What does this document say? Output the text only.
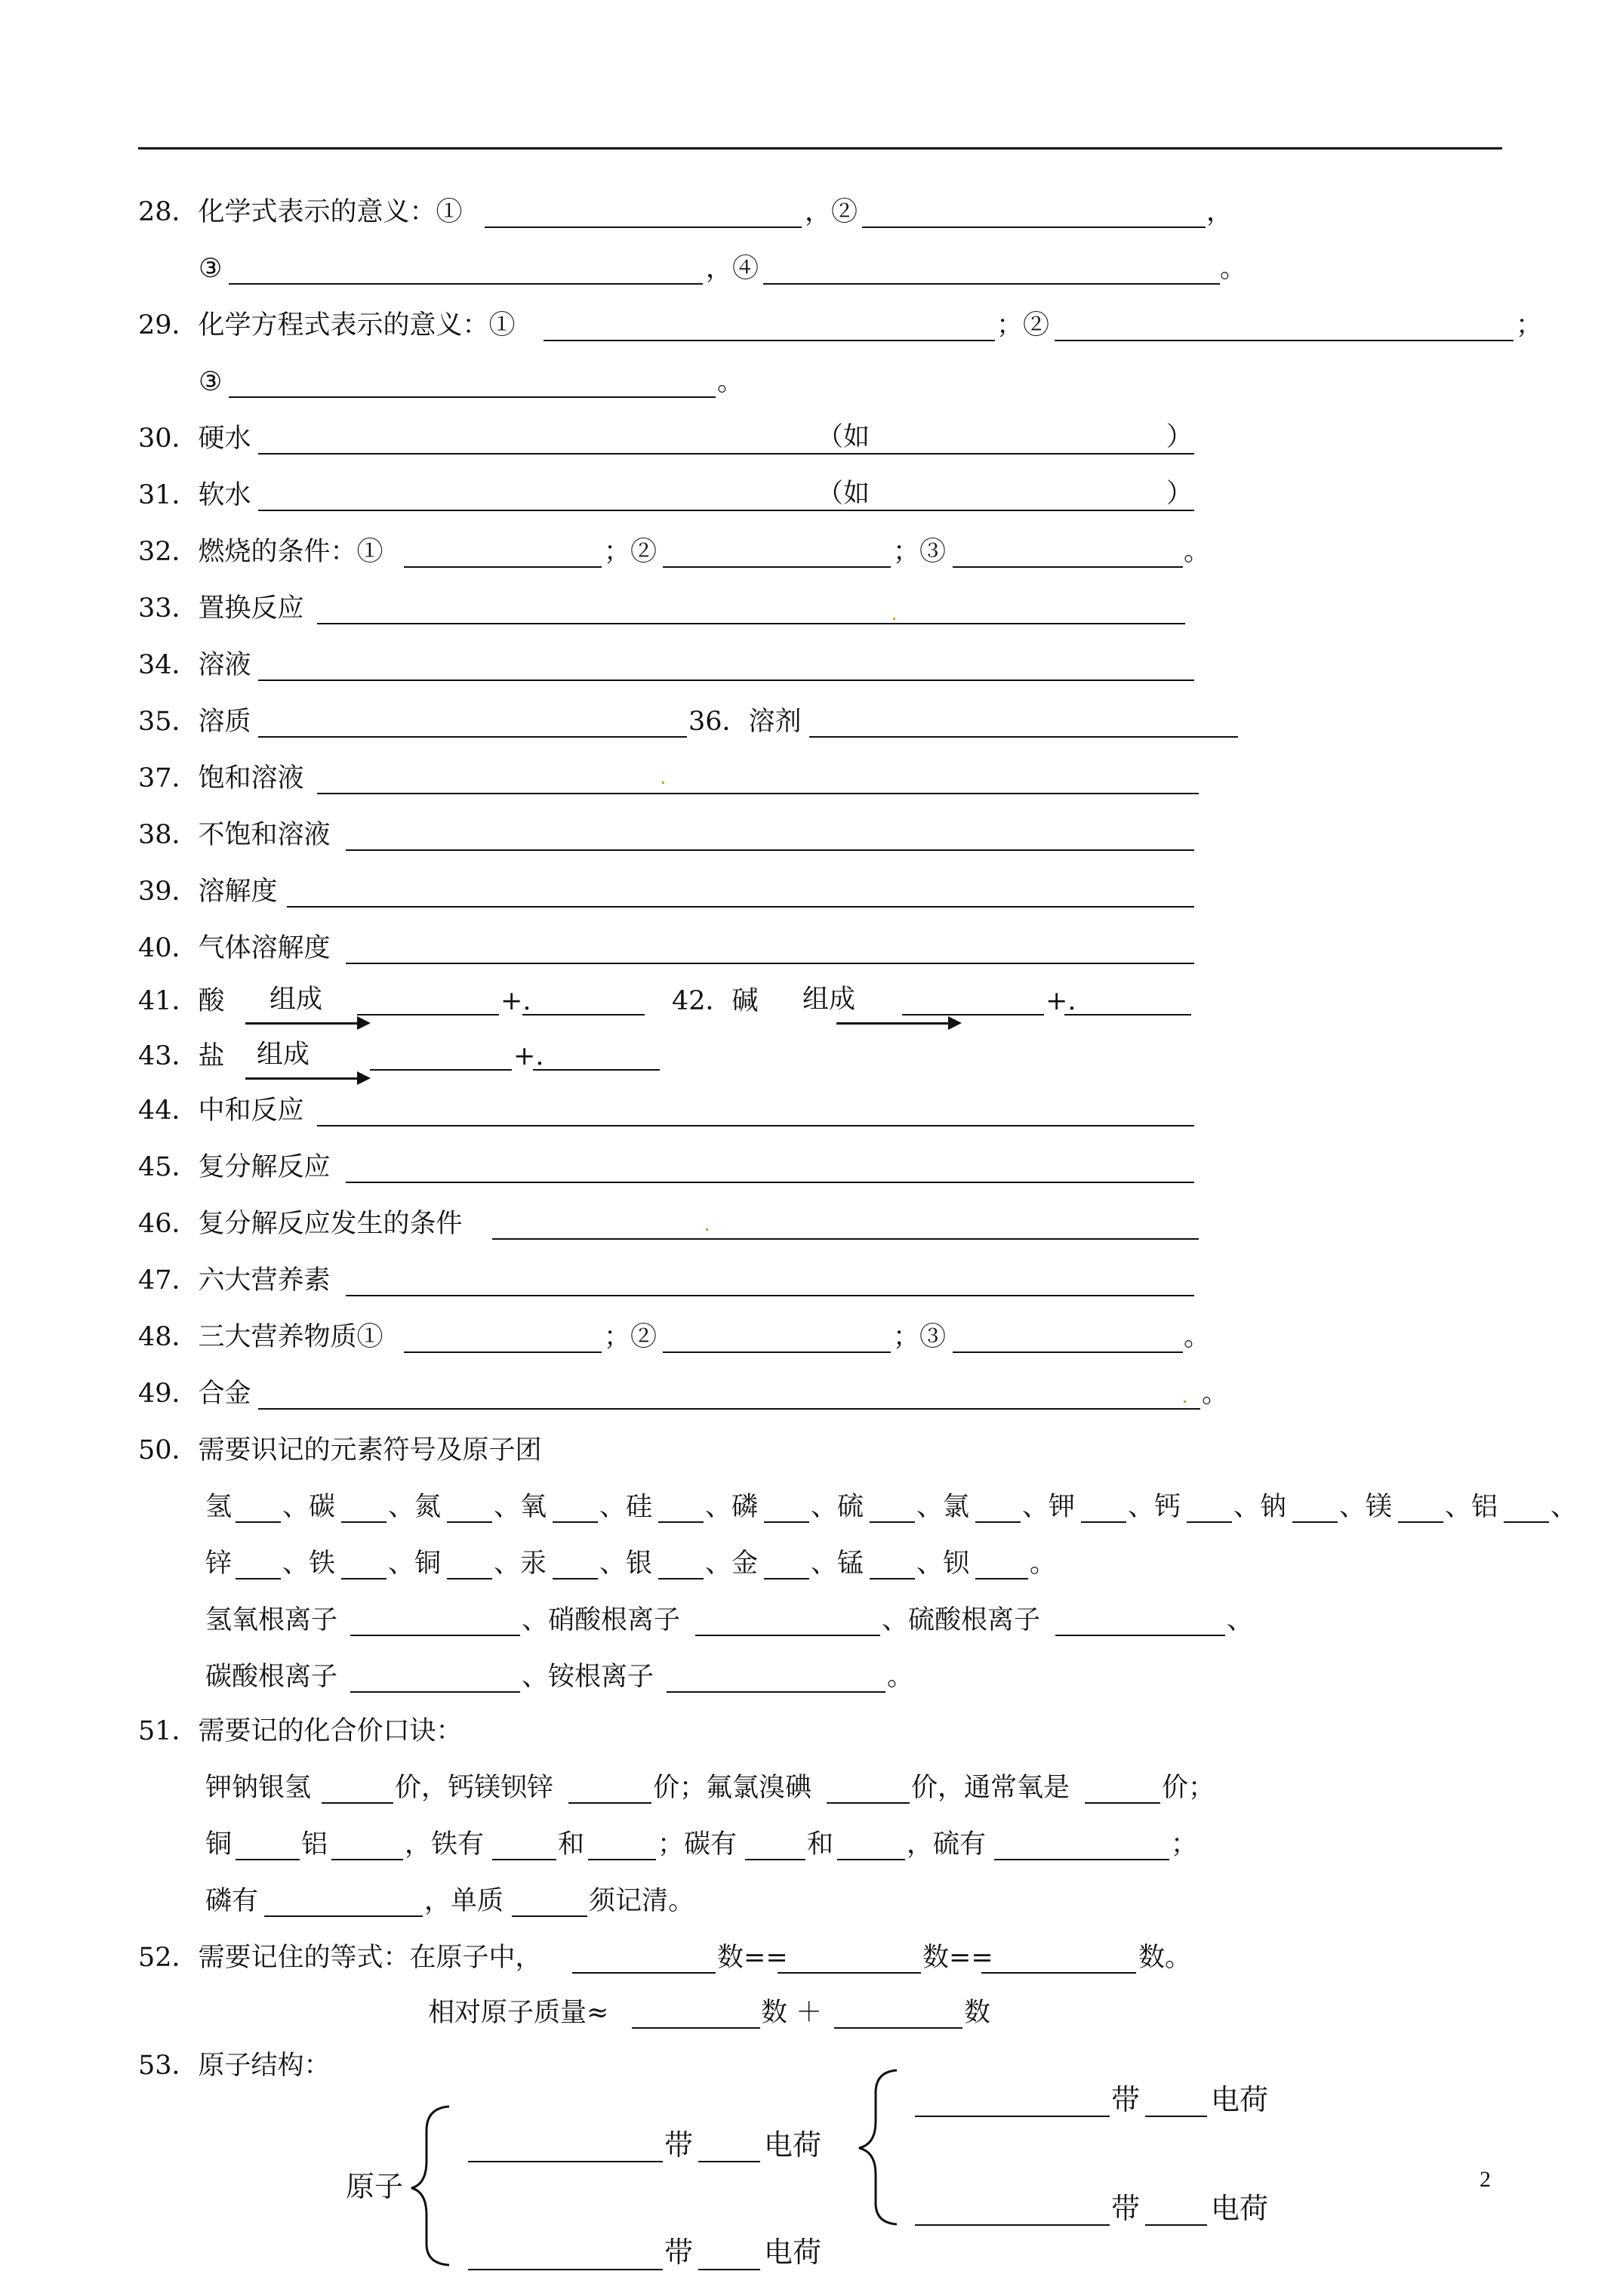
28．化学式表示的意义：①	，②	，
③	，④	。
29．化学方程式表示的意义：①	；②	；
③	。
30．硬水	（如	）
31．软水	（如	）
32．燃烧的条件：①	；②	；③	。
33．置换反应
34．溶液
35．溶质	36．溶剂
37．饱和溶液
38．不饱和溶液
39．溶解度
40．气体溶解度
41．酸 组成	+.	42．碱 组成	+.
43．盐 组成	+.
44．中和反应
45．复分解反应
46．复分解反应发生的条件
47．六大营养素
48．三大营养物质①	；②	；③	。
49．合金	。
50．需要识记的元素符号及原子团
氢 、碳 、氮 、氧 、硅 、磷 、硫 、氯 、钾 、钙 、钠 、镁 、铝 、
锌 、铁 、铜 、汞 、银 、金 、锰 、钡 。
氢氧根离子	、硝酸根离子	、硫酸根离子	、
碳酸根离子	、铵根离子	。
51．需要记的化合价口诀：
钾钠银氢	价，钙镁钡锌	价；氟氯溴碘	价，通常氧是	价；
铜	铝	，铁有	和	；碳有	和	，硫有	；
磷有	，单质	须记清。
52．需要记住的等式：在原子中，	数==	数==	数。
相对原子质量≈	数 ＋	数
53．原子结构：
原子
带 电荷
带 电荷
带 电荷
带 电荷
2
